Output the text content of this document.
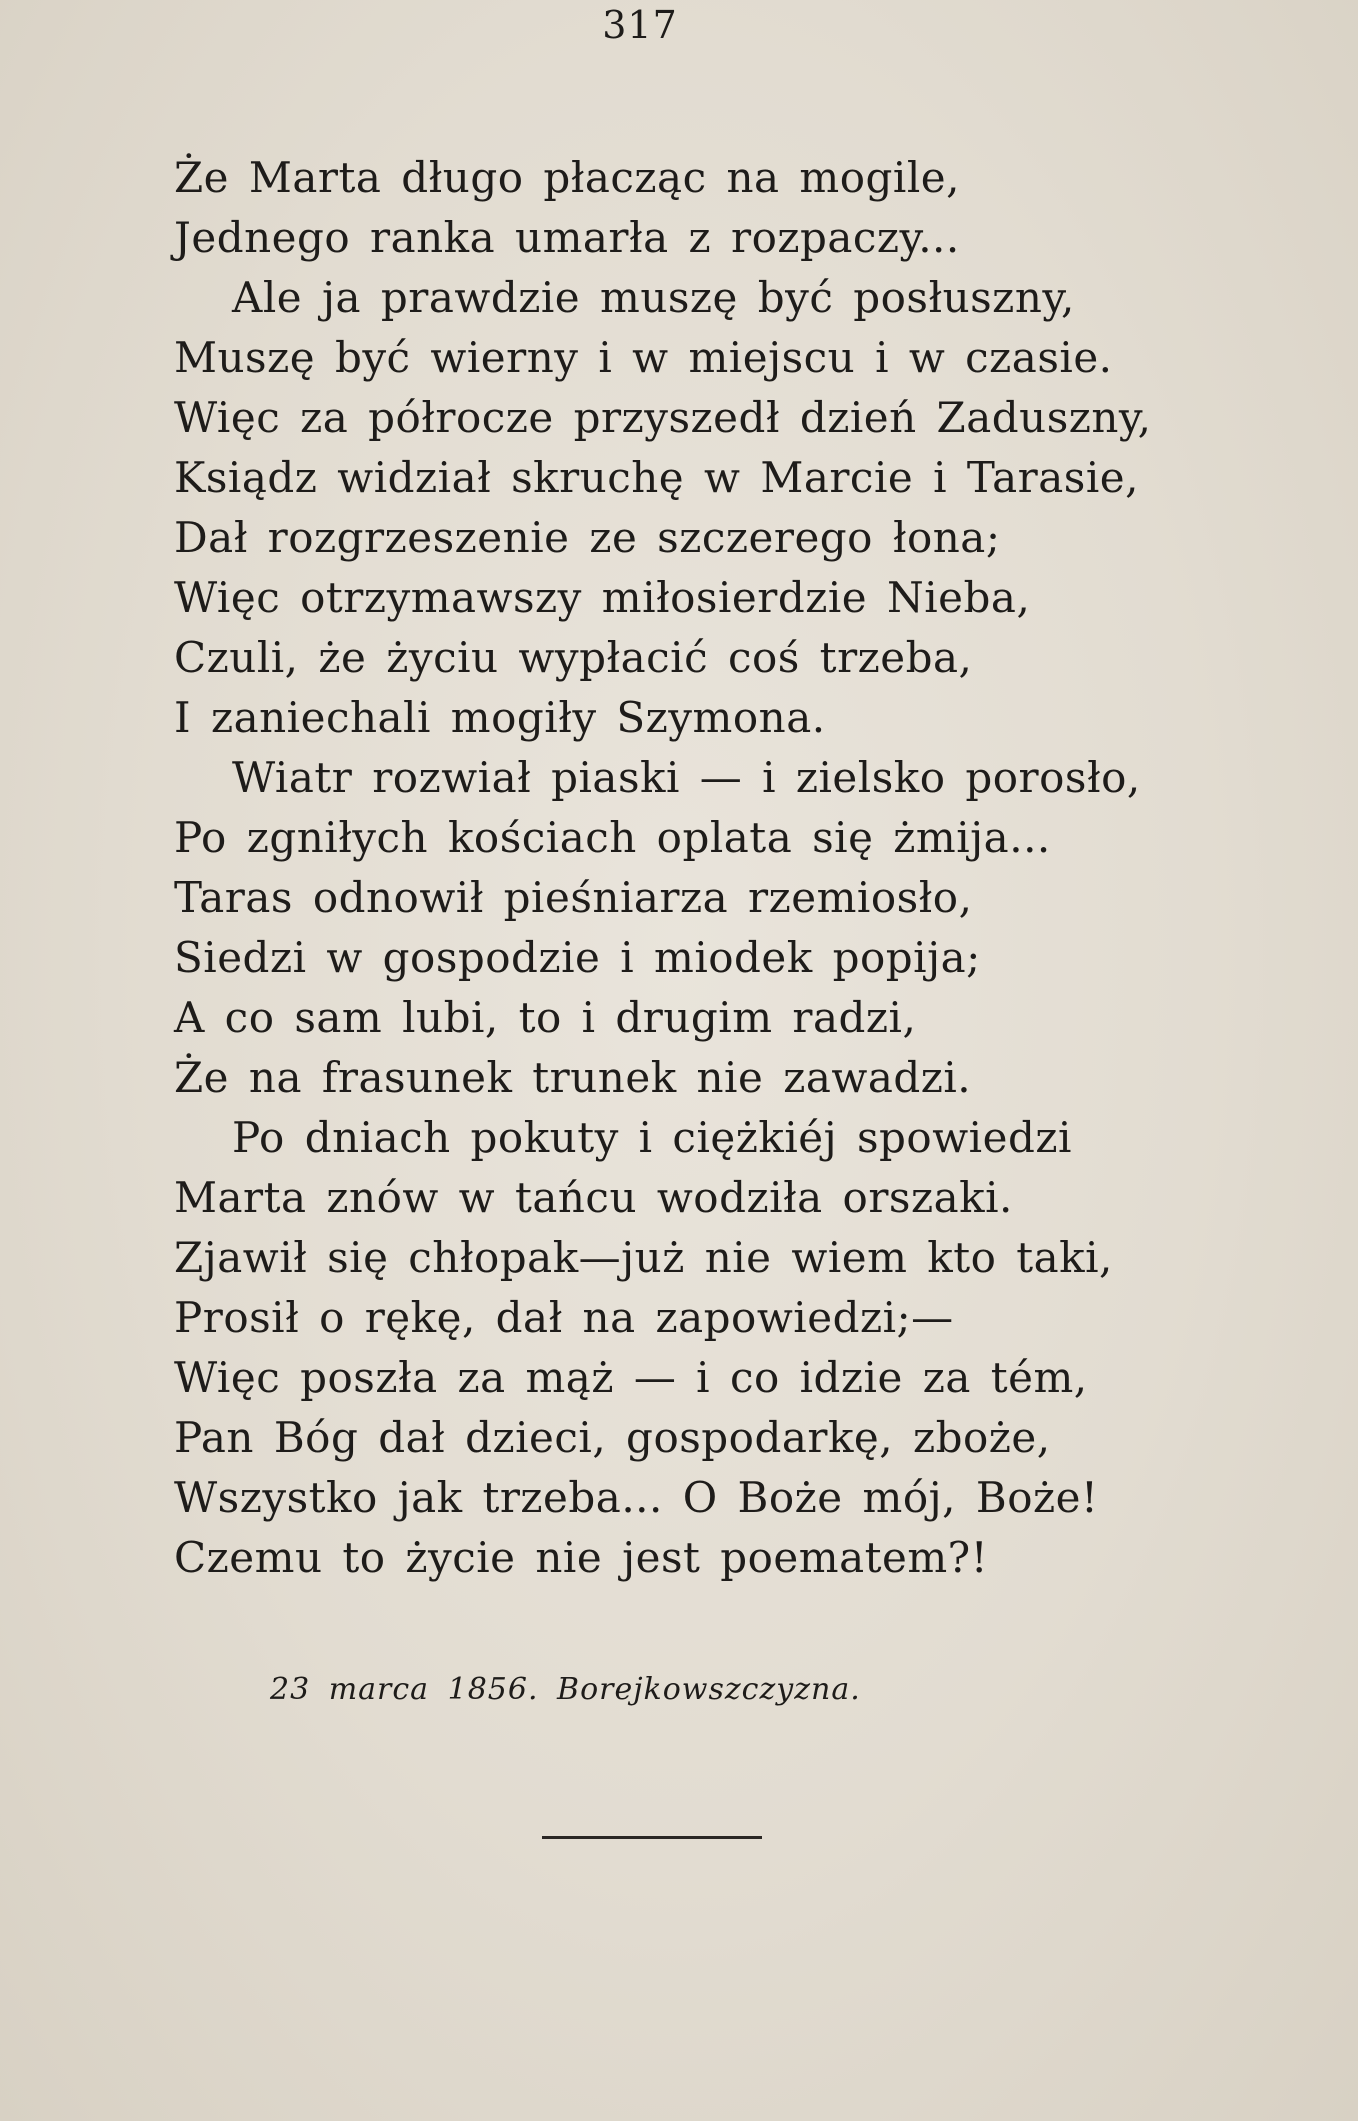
317
Że Marta długo płacząc na mogile,
Jednego ranka umarła z rozpaczy...
Ale ja prawdzie muszę być posłuszny,
Muszę być wierny i w miejscu i w czasie.
Więc za półrocze przyszedł dzień Zaduszny,
Ksiądz widział skruchę w Marcie i Tarasie,
Dał rozgrzeszenie ze szczerego łona;
Więc otrzymawszy miłosierdzie Nieba,
Czuli, że życiu wypłacić coś trzeba,
I zaniechali mogiły Szymona.
Wiatr rozwiał piaski — i zielsko porosło,
Po zgniłych kościach oplata się żmija...
Taras odnowił pieśniarza rzemiosło,
Siedzi w gospodzie i miodek popija;
A co sam lubi, to i drugim radzi,
Że na frasunek trunek nie zawadzi.
Po dniach pokuty i ciężkiéj spowiedzi
Marta znów w tańcu wodziła orszaki.
Zjawił się chłopak—już nie wiem kto taki,
Prosił o rękę, dał na zapowiedzi;—
Więc poszła za mąż — i co idzie za tém,
Pan Bóg dał dzieci, gospodarkę, zboże,
Wszystko jak trzeba... O Boże mój, Boże!
Czemu to życie nie jest poematem?!
23 marca 1856. Borejkowszczyzna.
